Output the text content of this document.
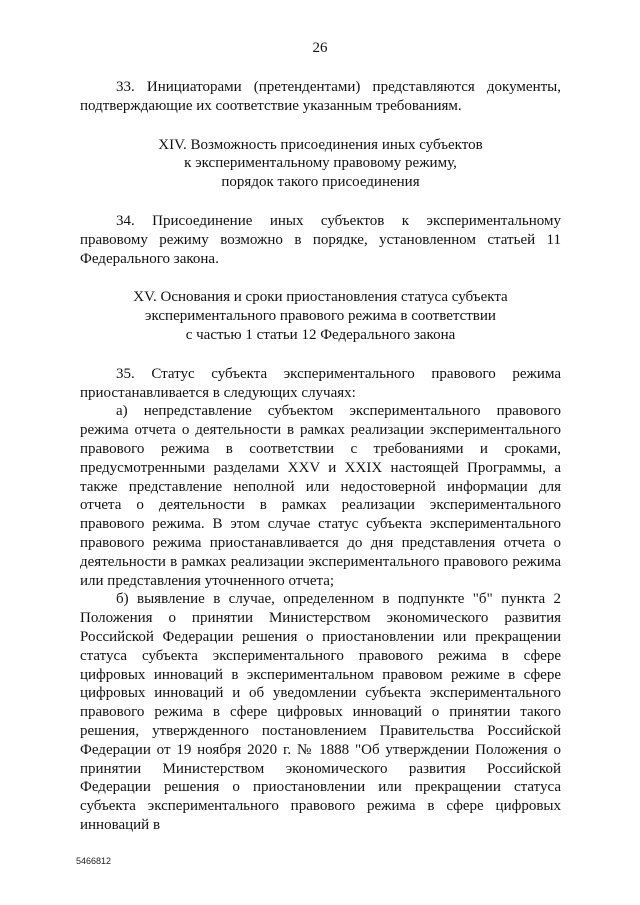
26

33. Инициаторами (претендентами) представляются документы, подтверждающие их соответствие указанным требованиям.

XIV. Возможность присоединения иных субъектов
к экспериментальному правовому режиму,
порядок такого присоединения

34. Присоединение иных субъектов к экспериментальному правовому режиму возможно в порядке, установленном статьей 11 Федерального закона.

XV. Основания и сроки приостановления статуса субъекта
экспериментального правового режима в соответствии
с частью 1 статьи 12 Федерального закона

35. Статус субъекта экспериментального правового режима приостанавливается в следующих случаях:

а) непредставление субъектом экспериментального правового режима отчета о деятельности в рамках реализации экспериментального правового режима в соответствии с требованиями и сроками, предусмотренными разделами XXV и XXIX настоящей Программы, а также представление неполной или недостоверной информации для отчета о деятельности в рамках реализации экспериментального правового режима. В этом случае статус субъекта экспериментального правового режима приостанавливается до дня представления отчета о деятельности в рамках реализации экспериментального правового режима или представления уточненного отчета;

б) выявление в случае, определенном в подпункте "б" пункта 2 Положения о принятии Министерством экономического развития Российской Федерации решения о приостановлении или прекращении статуса субъекта экспериментального правового режима в сфере цифровых инноваций в экспериментальном правовом режиме в сфере цифровых инноваций и об уведомлении субъекта экспериментального правового режима в сфере цифровых инноваций о принятии такого решения, утвержденного постановлением Правительства Российской Федерации от 19 ноября 2020 г. № 1888 "Об утверждении Положения о принятии Министерством экономического развития Российской Федерации решения о приостановлении или прекращении статуса субъекта экспериментального правового режима в сфере цифровых инноваций в

5466812
